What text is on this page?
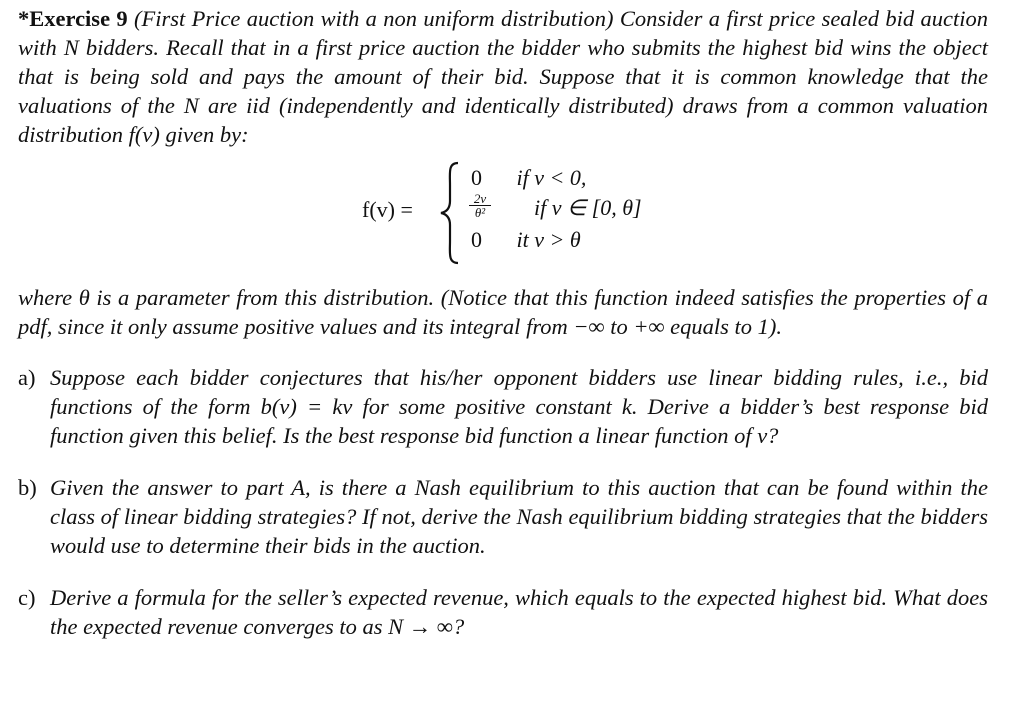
*Exercise 9 (First Price auction with a non uniform distribution) Consider a first price sealed bid auction with N bidders. Recall that in a first price auction the bidder who submits the highest bid wins the object that is being sold and pays the amount of their bid. Suppose that it is common knowledge that the valuations of the N are iid (independently and identically distributed) draws from a common valuation distribution f(v) given by:

f(v) =
0 if v < 0,
$\frac{2v}{\text{θ²}}$ if v ∈ [0, θ]
0 it v > θ

where θ is a parameter from this distribution. (Notice that this function indeed satisfies the properties of a pdf, since it only assume positive values and its integral from −∞ to +∞ equals to 1).

a) Suppose each bidder conjectures that his/her opponent bidders use linear bidding rules, i.e., bid functions of the form b(v) = kv for some positive constant k. Derive a bidder’s best response bid function given this belief. Is the best response bid function a linear function of v?

b) Given the answer to part A, is there a Nash equilibrium to this auction that can be found within the class of linear bidding strategies? If not, derive the Nash equilibrium bidding strategies that the bidders would use to determine their bids in the auction.

c) Derive a formula for the seller’s expected revenue, which equals to the expected highest bid. What does the expected revenue converges to as N → ∞?
